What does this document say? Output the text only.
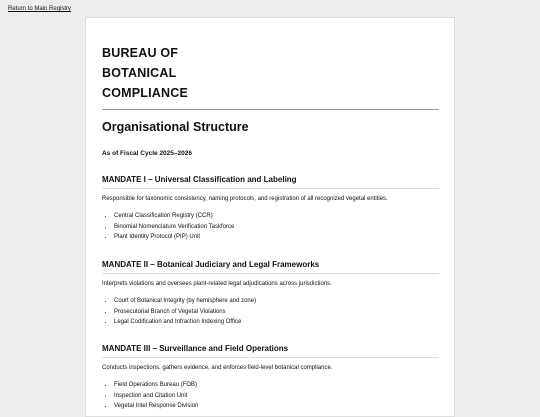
Return to Main Registry
BUREAU OF
BOTANICAL
COMPLIANCE
Organisational Structure
As of Fiscal Cycle 2025–2026
MANDATE I – Universal Classification and Labeling
Responsible for taxonomic consistency, naming protocols, and registration of all recognized vegetal entities.
• Central Classification Registry (CCR)
• Binomial Nomenclature Verification Taskforce
• Plant Identity Protocol (PIP) Unit
MANDATE II – Botanical Judiciary and Legal Frameworks
Interprets violations and oversees plant-related legal adjudications across jurisdictions.
• Court of Botanical Integrity (by hemisphere and zone)
• Prosecutorial Branch of Vegetal Violations
• Legal Codification and Infraction Indexing Office
MANDATE III – Surveillance and Field Operations
Conducts inspections, gathers evidence, and enforces field-level botanical compliance.
• Field Operations Bureau (FOB)
• Inspection and Citation Unit
• Vegetal Intel Response Division
